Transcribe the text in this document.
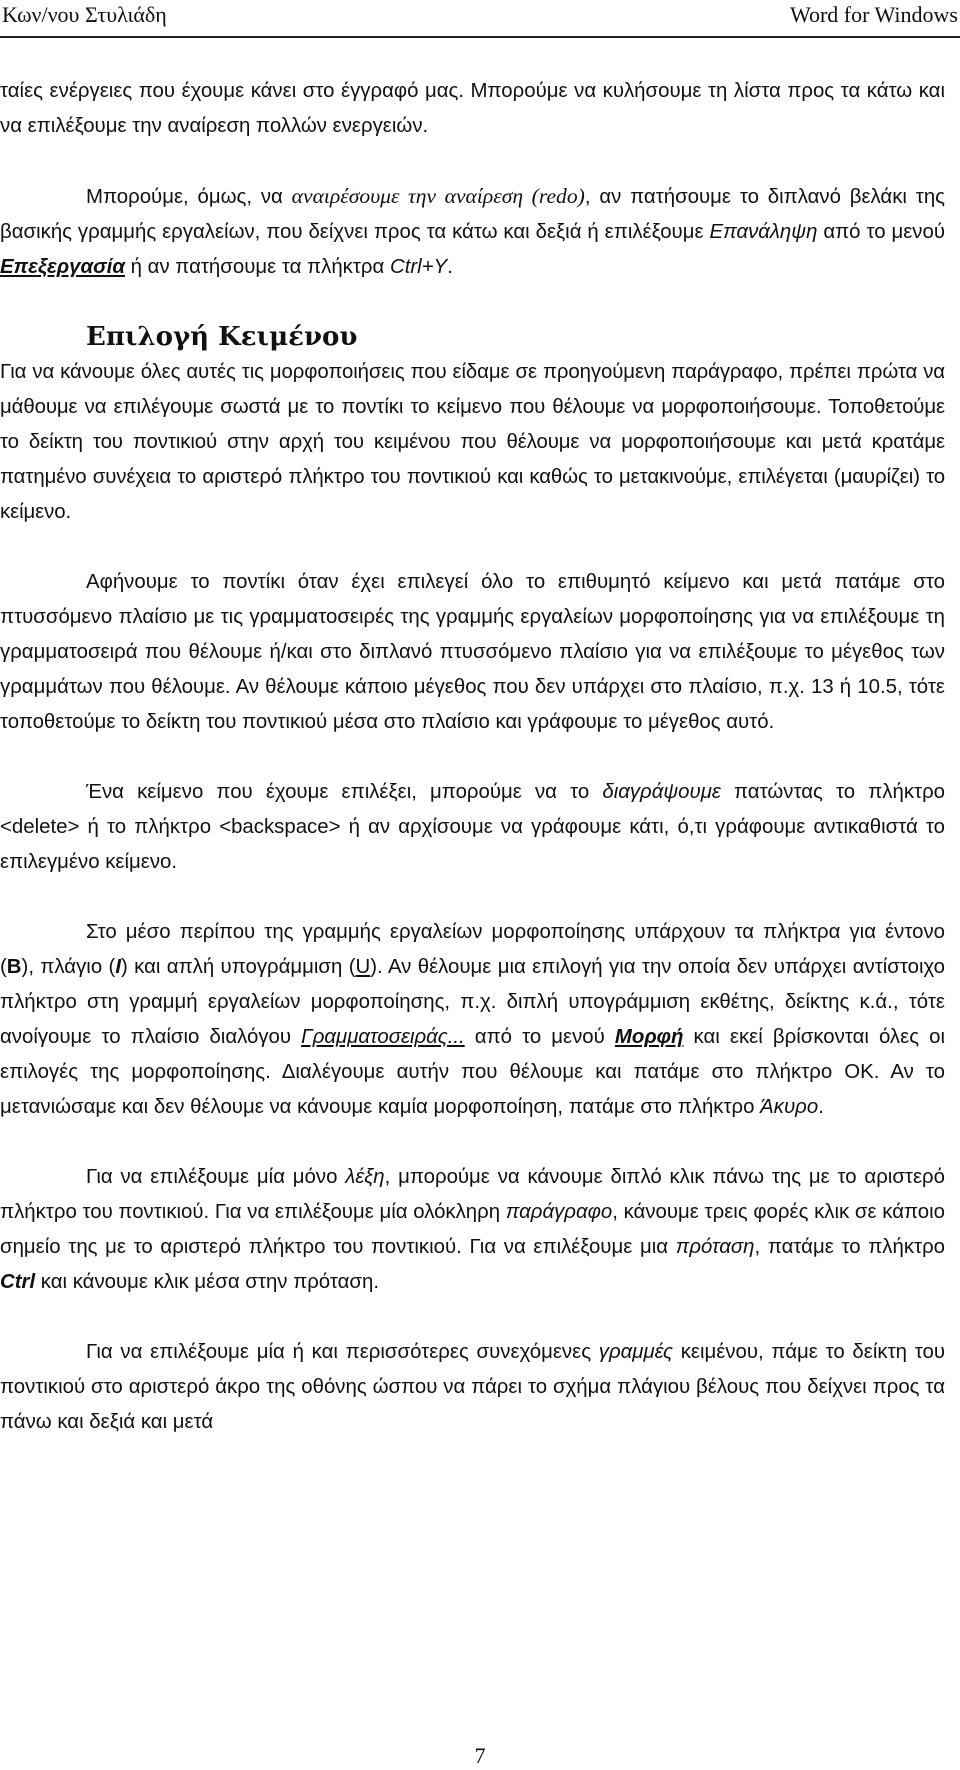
Κων/νου Στυλιάδη	Word for Windows

ταίες ενέργειες που έχουμε κάνει στο έγγραφό μας. Μπορούμε να κυλήσουμε τη λίστα προς τα κάτω και να επιλέξουμε την αναίρεση πολλών ενεργειών.

Μπορούμε, όμως, να αναιρέσουμε την αναίρεση (redo), αν πατήσουμε το διπλανό βελάκι της βασικής γραμμής εργαλείων, που δείχνει προς τα κάτω και δεξιά ή επιλέξουμε Επανάληψη από το μενού Επεξεργασία ή αν πατήσουμε τα πλήκτρα Ctrl+Y.

Επιλογή Κειμένου

Για να κάνουμε όλες αυτές τις μορφοποιήσεις που είδαμε σε προηγούμενη παράγραφο, πρέπει πρώτα να μάθουμε να επιλέγουμε σωστά με το ποντίκι το κείμενο που θέλουμε να μορφοποιήσουμε. Τοποθετούμε το δείκτη του ποντικιού στην αρχή του κειμένου που θέλουμε να μορφοποιήσουμε και μετά κρατάμε πατημένο συνέχεια το αριστερό πλήκτρο του ποντικιού και καθώς το μετακινούμε, επιλέγεται (μαυρίζει) το κείμενο.

Αφήνουμε το ποντίκι όταν έχει επιλεγεί όλο το επιθυμητό κείμενο και μετά πατάμε στο πτυσσόμενο πλαίσιο με τις γραμματοσειρές της γραμμής εργαλείων μορφοποίησης για να επιλέξουμε τη γραμματοσειρά που θέλουμε ή/και στο διπλανό πτυσσόμενο πλαίσιο για να επιλέξουμε το μέγεθος των γραμμάτων που θέλουμε. Αν θέλουμε κάποιο μέγεθος που δεν υπάρχει στο πλαίσιο, π.χ. 13 ή 10.5, τότε τοποθετούμε το δείκτη του ποντικιού μέσα στο πλαίσιο και γράφουμε το μέγεθος αυτό.

Ένα κείμενο που έχουμε επιλέξει, μπορούμε να το διαγράψουμε πατώντας το πλήκτρο <delete> ή το πλήκτρο <backspace> ή αν αρχίσουμε να γράφουμε κάτι, ό,τι γράφουμε αντικαθιστά το επιλεγμένο κείμενο.

Στο μέσο περίπου της γραμμής εργαλείων μορφοποίησης υπάρχουν τα πλήκτρα για έντονο (B), πλάγιο (I) και απλή υπογράμμιση (U). Αν θέλουμε μια επιλογή για την οποία δεν υπάρχει αντίστοιχο πλήκτρο στη γραμμή εργαλείων μορφοποίησης, π.χ. διπλή υπογράμμιση εκθέτης, δείκτης κ.ά., τότε ανοίγουμε το πλαίσιο διαλόγου Γραμματοσειράς... από το μενού Μορφή και εκεί βρίσκονται όλες οι επιλογές της μορφοποίησης. Διαλέγουμε αυτήν που θέλουμε και πατάμε στο πλήκτρο ΟΚ. Αν το μετανιώσαμε και δεν θέλουμε να κάνουμε καμία μορφοποίηση, πατάμε στο πλήκτρο Άκυρο.

Για να επιλέξουμε μία μόνο λέξη, μπορούμε να κάνουμε διπλό κλικ πάνω της με το αριστερό πλήκτρο του ποντικιού. Για να επιλέξουμε μία ολόκληρη παράγραφο, κάνουμε τρεις φορές κλικ σε κάποιο σημείο της με το αριστερό πλήκτρο του ποντικιού. Για να επιλέξουμε μια πρόταση, πατάμε το πλήκτρο Ctrl και κάνουμε κλικ μέσα στην πρόταση.

Για να επιλέξουμε μία ή και περισσότερες συνεχόμενες γραμμές κειμένου, πάμε το δείκτη του ποντικιού στο αριστερό άκρο της οθόνης ώσπου να πάρει το σχήμα πλάγιου βέλους που δείχνει προς τα πάνω και δεξιά και μετά

7
